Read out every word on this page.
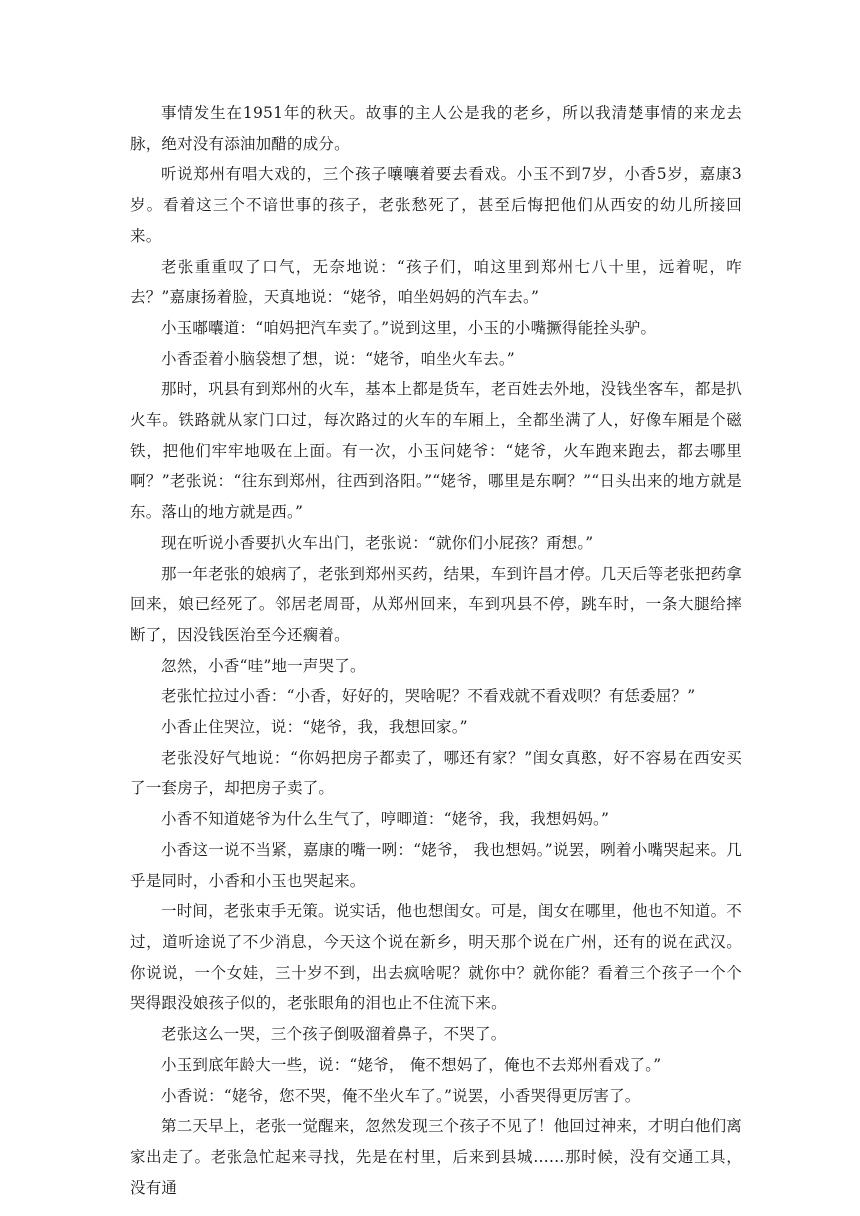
事情发生在1951年的秋天。故事的主人公是我的老乡，所以我清楚事情的来龙去脉，绝对没有添油加醋的成分。

听说郑州有唱大戏的，三个孩子嚷嚷着要去看戏。小玉不到7岁，小香5岁，嘉康3岁。看着这三个不谙世事的孩子，老张愁死了，甚至后悔把他们从西安的幼儿所接回来。

老张重重叹了口气，无奈地说：“孩子们，咱这里到郑州七八十里，远着呢，咋去？”嘉康扬着脸，天真地说：“姥爷，咱坐妈妈的汽车去。”

小玉嘟囔道：“咱妈把汽车卖了。”说到这里，小玉的小嘴撅得能拴头驴。

小香歪着小脑袋想了想，说：“姥爷，咱坐火车去。”

那时，巩县有到郑州的火车，基本上都是货车，老百姓去外地，没钱坐客车，都是扒火车。铁路就从家门口过，每次路过的火车的车厢上，全都坐满了人，好像车厢是个磁铁，把他们牢牢地吸在上面。有一次，小玉问姥爷：“姥爷，火车跑来跑去，都去哪里啊？”老张说：“往东到郑州，往西到洛阳。”“姥爷，哪里是东啊？”“日头出来的地方就是东。落山的地方就是西。”

现在听说小香要扒火车出门，老张说：“就你们小屁孩？甭想。”

那一年老张的娘病了，老张到郑州买药，结果，车到许昌才停。几天后等老张把药拿回来，娘已经死了。邻居老周哥，从郑州回来，车到巩县不停，跳车时，一条大腿给摔断了，因没钱医治至今还瘸着。

忽然，小香“哇”地一声哭了。

老张忙拉过小香：“小香，好好的，哭啥呢？不看戏就不看戏呗？有恁委屈？”

小香止住哭泣，说：“姥爷，我，我想回家。”

老张没好气地说：“你妈把房子都卖了，哪还有家？”闺女真憨，好不容易在西安买了一套房子，却把房子卖了。

小香不知道姥爷为什么生气了，哼唧道：“姥爷，我，我想妈妈。”

小香这一说不当紧，嘉康的嘴一咧：“姥爷， 我也想妈。”说罢，咧着小嘴哭起来。几乎是同时，小香和小玉也哭起来。

一时间，老张束手无策。说实话，他也想闺女。可是，闺女在哪里，他也不知道。不过，道听途说了不少消息，今天这个说在新乡，明天那个说在广州，还有的说在武汉。你说说，一个女娃，三十岁不到，出去疯啥呢？就你中？就你能？看着三个孩子一个个哭得跟没娘孩子似的，老张眼角的泪也止不住流下来。

老张这么一哭，三个孩子倒吸溜着鼻子，不哭了。

小玉到底年龄大一些，说：“姥爷， 俺不想妈了，俺也不去郑州看戏了。”

小香说：“姥爷，您不哭，俺不坐火车了。”说罢，小香哭得更厉害了。

第二天早上，老张一觉醒来，忽然发现三个孩子不见了！他回过神来，才明白他们离家出走了。老张急忙起来寻找，先是在村里，后来到县城……那时候，没有交通工具，没有通
